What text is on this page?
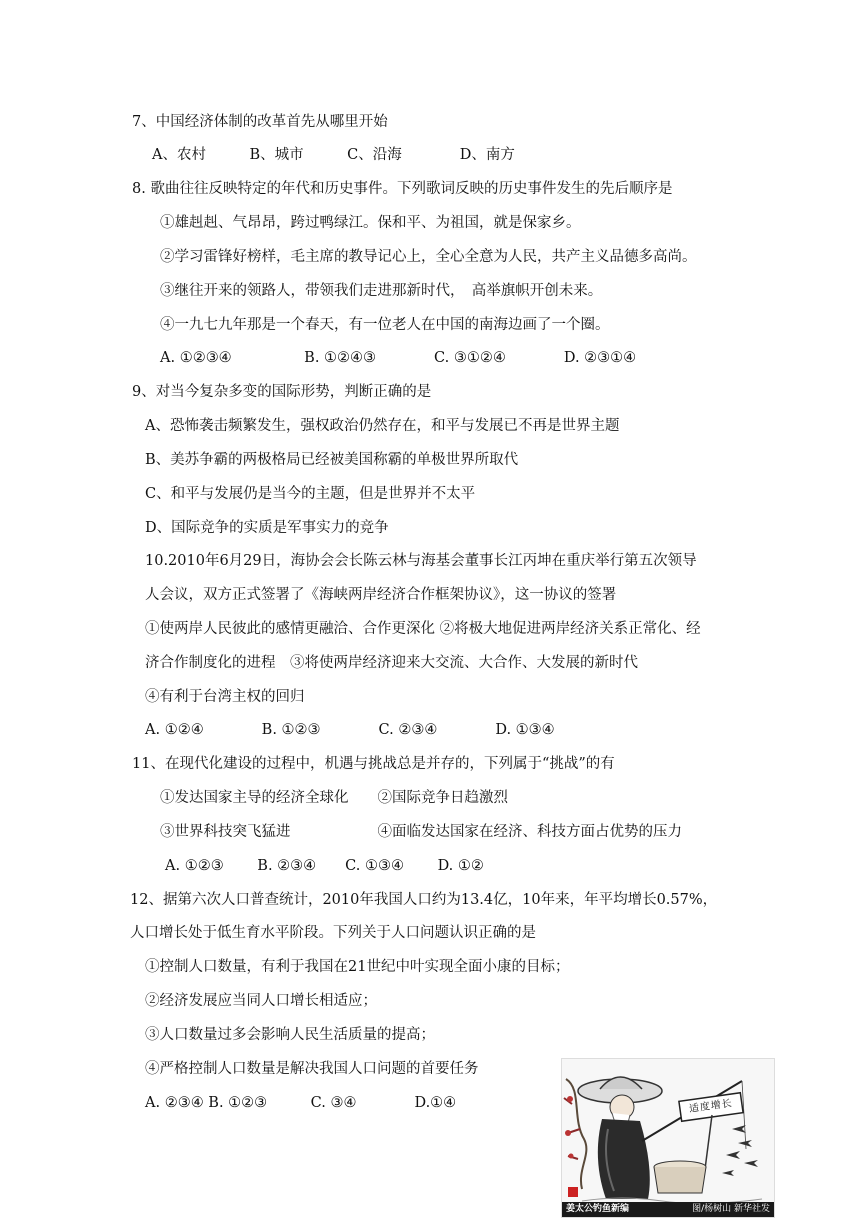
7、中国经济体制的改革首先从哪里开始
A、农村　　　B、城市　　　C、沿海　　　　D、南方
8. 歌曲往往反映特定的年代和历史事件。下列歌词反映的历史事件发生的先后顺序是
①雄赳赳、气昂昂，跨过鸭绿江。保和平、为祖国，就是保家乡。
②学习雷锋好榜样，毛主席的教导记心上，全心全意为人民，共产主义品德多高尚。
③继往开来的领路人，带领我们走进那新时代，　高举旗帜开创未来。
④一九七九年那是一个春天，有一位老人在中国的南海边画了一个圈。
A. ①②③④　　　　　B. ①②④③　　　　C. ③①②④　　　　D. ②③①④
9、对当今复杂多变的国际形势，判断正确的是
A、恐怖袭击频繁发生，强权政治仍然存在，和平与发展已不再是世界主题
B、美苏争霸的两极格局已经被美国称霸的单极世界所取代
C、和平与发展仍是当今的主题，但是世界并不太平
D、国际竞争的实质是军事实力的竞争
10.2010年6月29日，海协会会长陈云林与海基会董事长江丙坤在重庆举行第五次领导
人会议，双方正式签署了《海峡两岸经济合作框架协议》，这一协议的签署
①使两岸人民彼此的感情更融洽、合作更深化 ②将极大地促进两岸经济关系正常化、经
济合作制度化的进程　③将使两岸经济迎来大交流、大合作、大发展的新时代
④有利于台湾主权的回归
A. ①②④　　　　B. ①②③　　　　C. ②③④　　　　D. ①③④
11、在现代化建设的过程中，机遇与挑战总是并存的，下列属于“挑战”的有
①发达国家主导的经济全球化　　②国际竞争日趋激烈
③世界科技突飞猛进　　　　　　④面临发达国家在经济、科技方面占优势的压力
A. ①②③　　 B. ②③④　　C. ①③④　　 D. ①②
12、据第六次人口普查统计，2010年我国人口约为13.4亿，10年来，年平均增长0.57%，
人口增长处于低生育水平阶段。下列关于人口问题认识正确的是
①控制人口数量，有利于我国在21世纪中叶实现全面小康的目标；
②经济发展应当同人口增长相适应；
③人口数量过多会影响人民生活质量的提高；
④严格控制人口数量是解决我国人口问题的首要任务
A. ②③④ B. ①②③　　　C. ③④　　　　D.①④	适度增长
姜太公钓鱼新编	图/杨树山 新华社发
